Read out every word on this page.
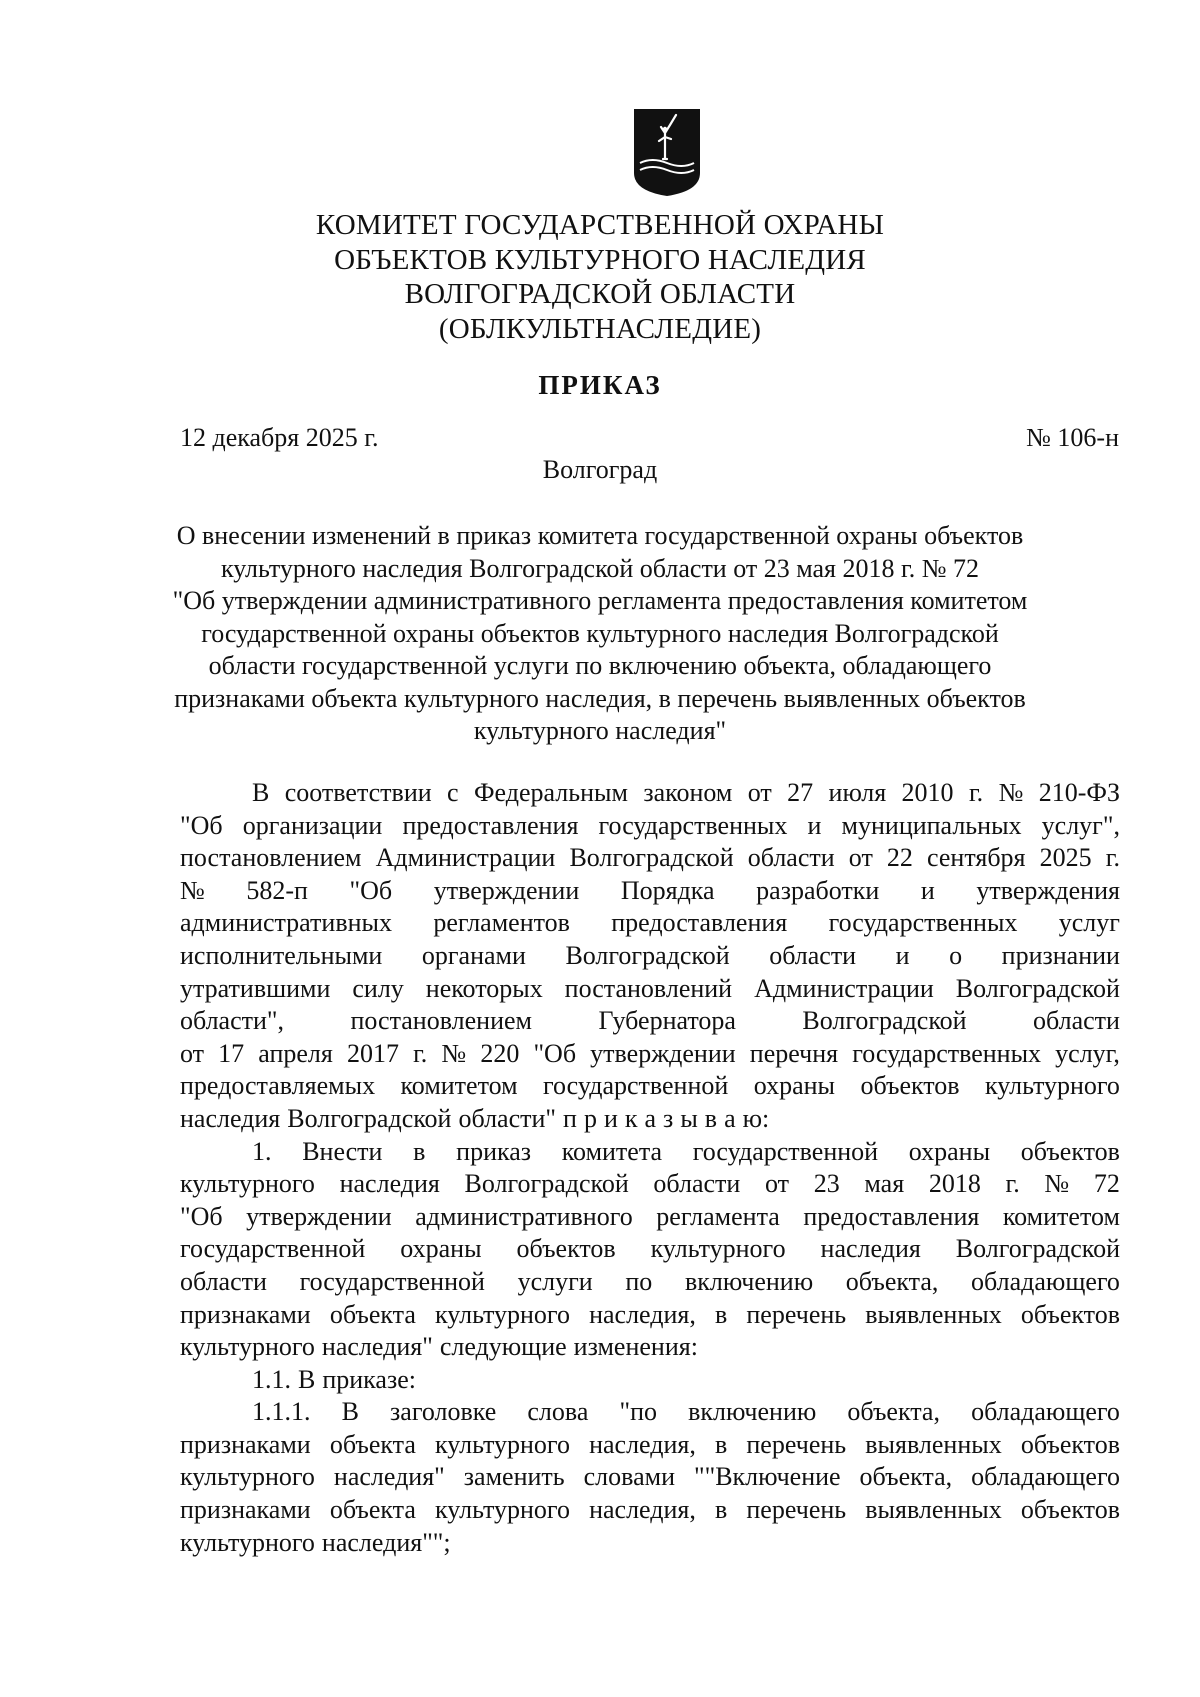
КОМИТЕТ ГОСУДАРСТВЕННОЙ ОХРАНЫ
ОБЪЕКТОВ КУЛЬТУРНОГО НАСЛЕДИЯ
ВОЛГОГРАДСКОЙ ОБЛАСТИ
(ОБЛКУЛЬТНАСЛЕДИЕ)
ПРИКАЗ
12 декабря 2025 г.	№ 106-н
Волгоград
О внесении изменений в приказ комитета государственной охраны объектов
культурного наследия Волгоградской области от 23 мая 2018 г. № 72
"Об утверждении административного регламента предоставления комитетом
государственной охраны объектов культурного наследия Волгоградской
области государственной услуги по включению объекта, обладающего
признаками объекта культурного наследия, в перечень выявленных объектов
культурного наследия"
В соответствии с Федеральным законом от 27 июля 2010 г. № 210-ФЗ
"Об организации предоставления государственных и муниципальных услуг",
постановлением Администрации Волгоградской области от 22 сентября 2025 г.
№ 582-п "Об утверждении Порядка разработки и утверждения
административных регламентов предоставления государственных услуг
исполнительными органами Волгоградской области и о признании
утратившими силу некоторых постановлений Администрации Волгоградской
области",	постановлением	Губернатора	Волгоградской	области
от 17 апреля 2017 г. № 220 "Об утверждении перечня государственных услуг,
предоставляемых комитетом государственной охраны объектов культурного
наследия Волгоградской области" п р и к а з ы в а ю:
1. Внести в приказ комитета государственной охраны объектов
культурного наследия Волгоградской области от 23 мая 2018 г. № 72
"Об утверждении административного регламента предоставления комитетом
государственной охраны объектов культурного наследия Волгоградской
области государственной услуги по включению объекта, обладающего
признаками объекта культурного наследия, в перечень выявленных объектов
культурного наследия" следующие изменения:
1.1. В приказе:
1.1.1. В заголовке слова "по включению объекта, обладающего
признаками объекта культурного наследия, в перечень выявленных объектов
культурного наследия" заменить словами ""Включение объекта, обладающего
признаками объекта культурного наследия, в перечень выявленных объектов
культурного наследия"";
